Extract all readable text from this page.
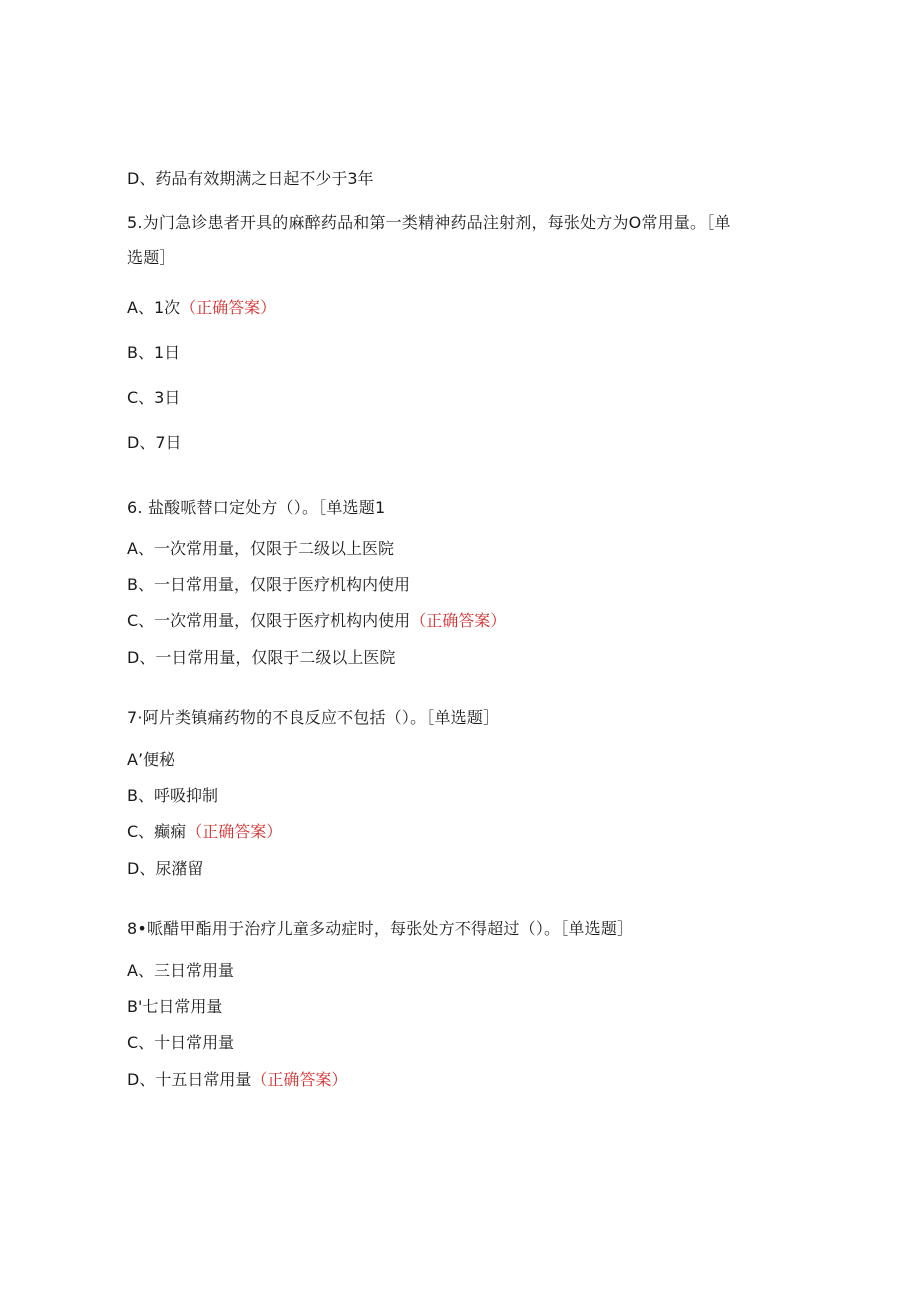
D、药品有效期满之日起不少于3年
5.为门急诊患者开具的麻醉药品和第一类精神药品注射剂，每张处方为O常用量。［单
选题］
A、1次（正确答案）
B、1日
C、3日
D、7日
6. 盐酸哌替口定处方（）。［单选题1
A、一次常用量，仅限于二级以上医院
B、一日常用量，仅限于医疗机构内使用
C、一次常用量，仅限于医疗机构内使用（正确答案）
D、一日常用量，仅限于二级以上医院
7·阿片类镇痛药物的不良反应不包括（）。［单选题］
A’便秘
B、呼吸抑制
C、癫痫（正确答案）
D、尿潴留
8•哌醋甲酯用于治疗儿童多动症时，每张处方不得超过（）。［单选题］
A、三日常用量
B'七日常用量
C、十日常用量
D、十五日常用量（正确答案）
